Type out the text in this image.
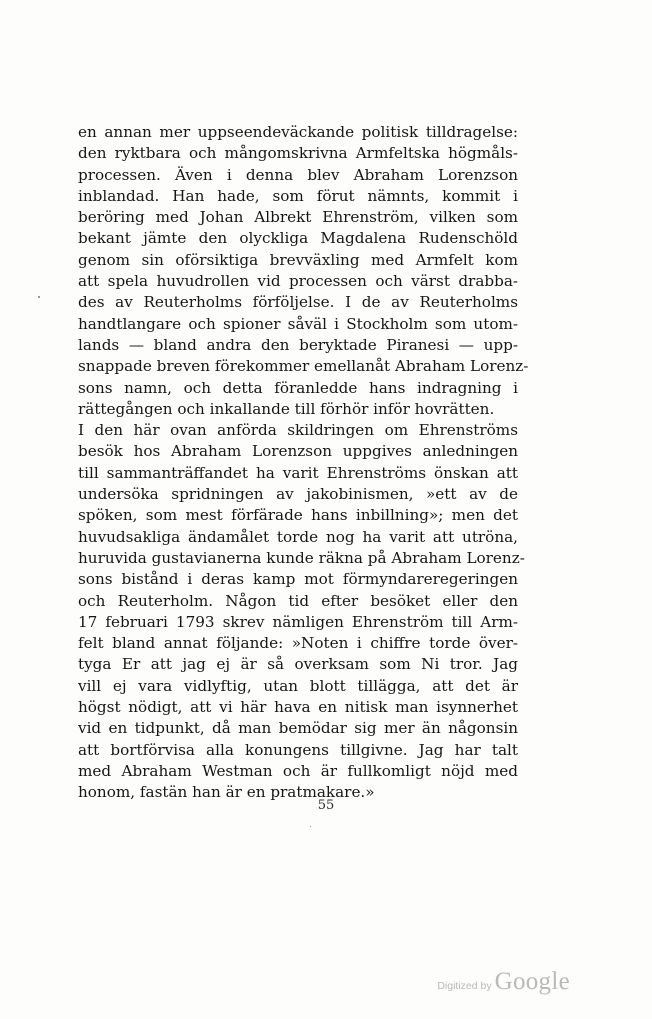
en annan mer uppseendeväckande politisk tilldragelse:
den ryktbara och mångomskrivna Armfeltska högmåls-
processen. Även i denna blev Abraham Lorenzson
inblandad. Han hade, som förut nämnts, kommit i
beröring med Johan Albrekt Ehrenström, vilken som
bekant jämte den olyckliga Magdalena Rudenschöld
genom sin oförsiktiga brevväxling med Armfelt kom
att spela huvudrollen vid processen och värst drabba-
des av Reuterholms förföljelse. I de av Reuterholms
handtlangare och spioner såväl i Stockholm som utom-
lands — bland andra den beryktade Piranesi — upp-
snappade breven förekommer emellanåt Abraham Lorenz-
sons namn, och detta föranledde hans indragning i
rättegången och inkallande till förhör inför hovrätten.
I den här ovan anförda skildringen om Ehrenströms
besök hos Abraham Lorenzson uppgives anledningen
till sammanträffandet ha varit Ehrenströms önskan att
undersöka spridningen av jakobinismen, »ett av de
spöken, som mest förfärade hans inbillning»; men det
huvudsakliga ändamålet torde nog ha varit att utröna,
huruvida gustavianerna kunde räkna på Abraham Lorenz-
sons bistånd i deras kamp mot förmyndareregeringen
och Reuterholm. Någon tid efter besöket eller den
17 februari 1793 skrev nämligen Ehrenström till Arm-
felt bland annat följande: »Noten i chiffre torde över-
tyga Er att jag ej är så overksam som Ni tror. Jag
vill ej vara vidlyftig, utan blott tillägga, att det är
högst nödigt, att vi här hava en nitisk man isynnerhet
vid en tidpunkt, då man bemödar sig mer än någonsin
att bortförvisa alla konungens tillgivne. Jag har talt
med Abraham Westman och är fullkomligt nöjd med
honom, fastän han är en pratmakare.»
55
Digitized by Google
